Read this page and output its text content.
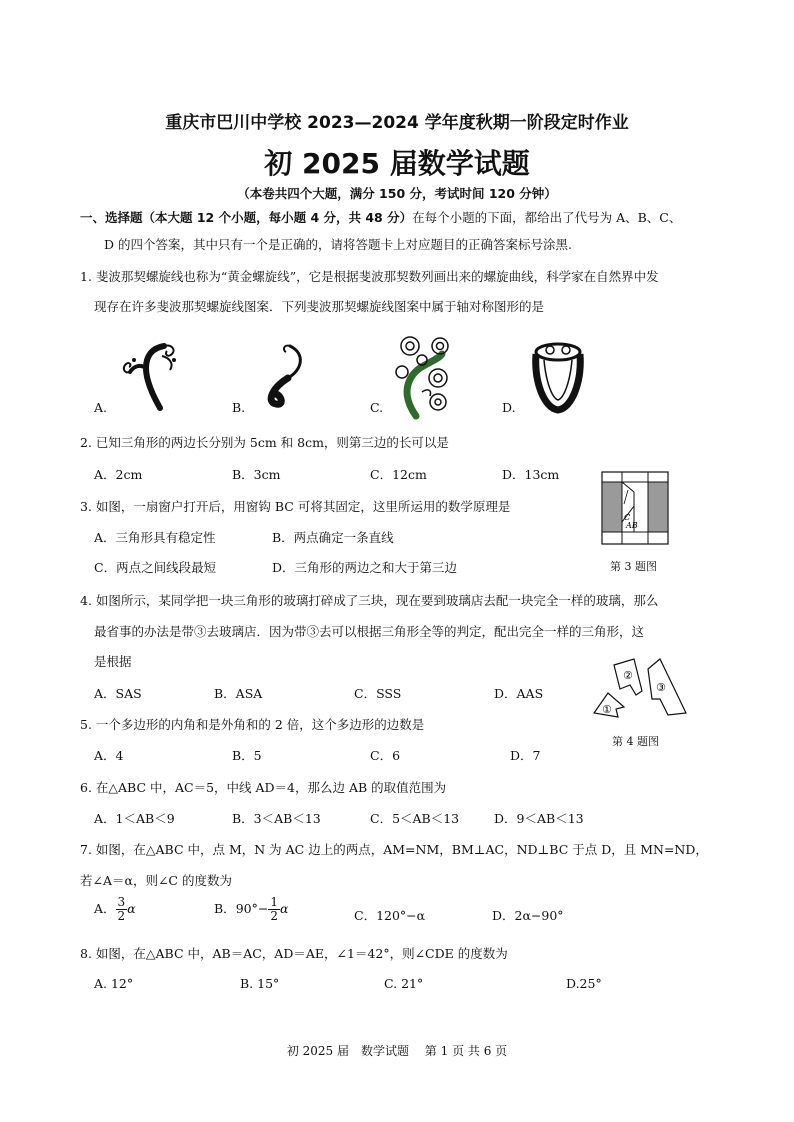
重庆市巴川中学校 2023—2024 学年度秋期一阶段定时作业
初 2025 届数学试题
（本卷共四个大题，满分 150 分，考试时间 120 分钟）
一、选择题（本大题 12 个小题，每小题 4 分，共 48 分）在每个小题的下面，都给出了代号为 A、B、C、
D 的四个答案，其中只有一个是正确的，请将答题卡上对应题目的正确答案标号涂黑.
1. 斐波那契螺旋线也称为“黄金螺旋线”，它是根据斐波那契数列画出来的螺旋曲线，科学家在自然界中发
现存在许多斐波那契螺旋线图案．下列斐波那契螺旋线图案中属于轴对称图形的是
A.	B.	C.	D.
2. 已知三角形的两边长分别为 5cm 和 8cm，则第三边的长可以是
A．2cm	B．3cm	C．12cm	D．13cm
3. 如图，一扇窗户打开后，用窗钩 BC 可将其固定，这里所运用的数学原理是
A．三角形具有稳定性	B．两点确定一条直线
C．两点之间线段最短	D．三角形的两边之和大于第三边
C
AB
第 3 题图
4. 如图所示，某同学把一块三角形的玻璃打碎成了三块，现在要到玻璃店去配一块完全一样的玻璃，那么
最省事的办法是带③去玻璃店．因为带③去可以根据三角形全等的判定，配出完全一样的三角形，这
是根据
A．SAS	B．ASA	C．SSS	D．AAS
①
②
③
第 4 题图
5. 一个多边形的内角和是外角和的 2 倍，这个多边形的边数是
A．4	B．5	C．6	D．7
6. 在△ABC 中，AC＝5，中线 AD＝4，那么边 AB 的取值范围为
A．1＜AB＜9	B．3＜AB＜13	C．5＜AB＜13	D．9＜AB＜13
7. 如图，在△ABC 中，点 M，N 为 AC 边上的两点，AM=NM，BM⊥AC，ND⊥BC 于点 D，且 MN=ND，
若∠A＝α，则∠C 的度数为
A． $\frac{3}{2}$ α	B．$90^\circ- \frac{1}{2}$ α	C．120°−α	D．2α−90°
8. 如图，在△ABC 中，AB＝AC，AD＝AE，∠1＝42°，则∠CDE 的度数为
A. 12°	B. 15°	C. 21°	D.25°
初 2025 届　数学试题　 第 1 页 共 6 页
